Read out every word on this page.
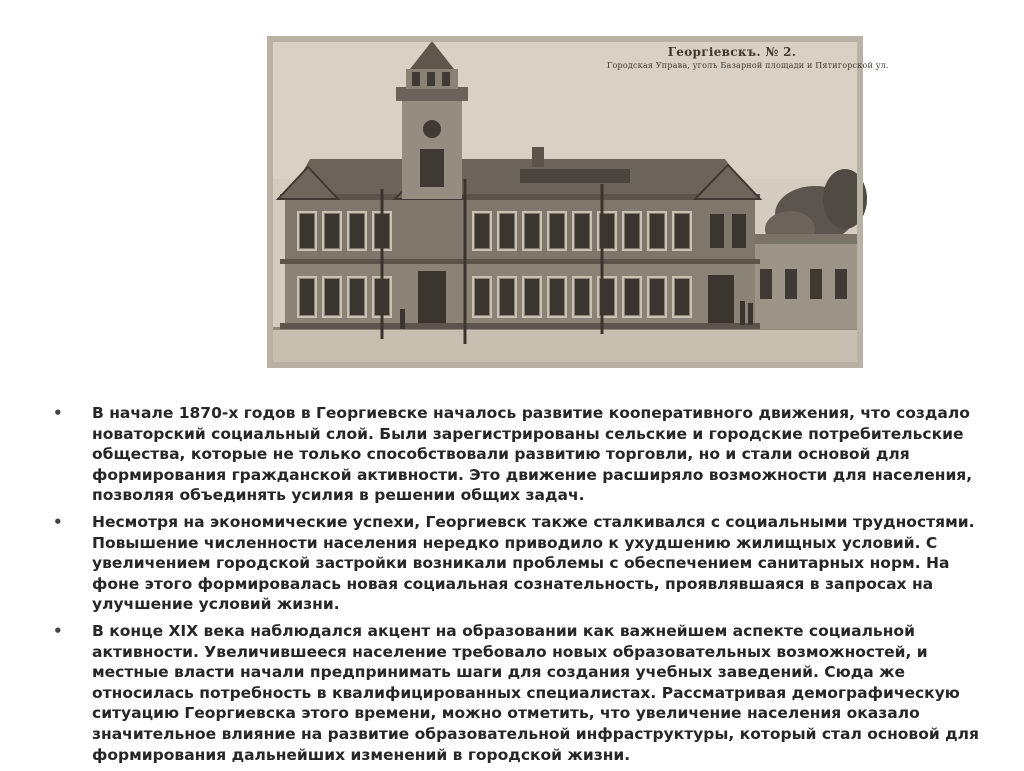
Георгіевскъ. № 2.
Городская Управа, уголъ Базарной площади и Пятигорской ул.
• В начале 1870-х годов в Георгиевске началось развитие кооперативного движения, что создало новаторский социальный слой. Были зарегистрированы сельские и городские потребительские общества, которые не только способствовали развитию торговли, но и стали основой для формирования гражданской активности. Это движение расширяло возможности для населения, позволяя объединять усилия в решении общих задач.
• Несмотря на экономические успехи, Георгиевск также сталкивался с социальными трудностями. Повышение численности населения нередко приводило к ухудшению жилищных условий. С увеличением городской застройки возникали проблемы с обеспечением санитарных норм. На фоне этого формировалась новая социальная сознательность, проявлявшаяся в запросах на улучшение условий жизни.
• В конце XIX века наблюдался акцент на образовании как важнейшем аспекте социальной активности. Увеличившееся население требовало новых образовательных возможностей, и местные власти начали предпринимать шаги для создания учебных заведений. Сюда же относилась потребность в квалифицированных специалистах. Рассматривая демографическую ситуацию Георгиевска этого времени, можно отметить, что увеличение населения оказало значительное влияние на развитие образовательной инфраструктуры, который стал основой для формирования дальнейших изменений в городской жизни.
